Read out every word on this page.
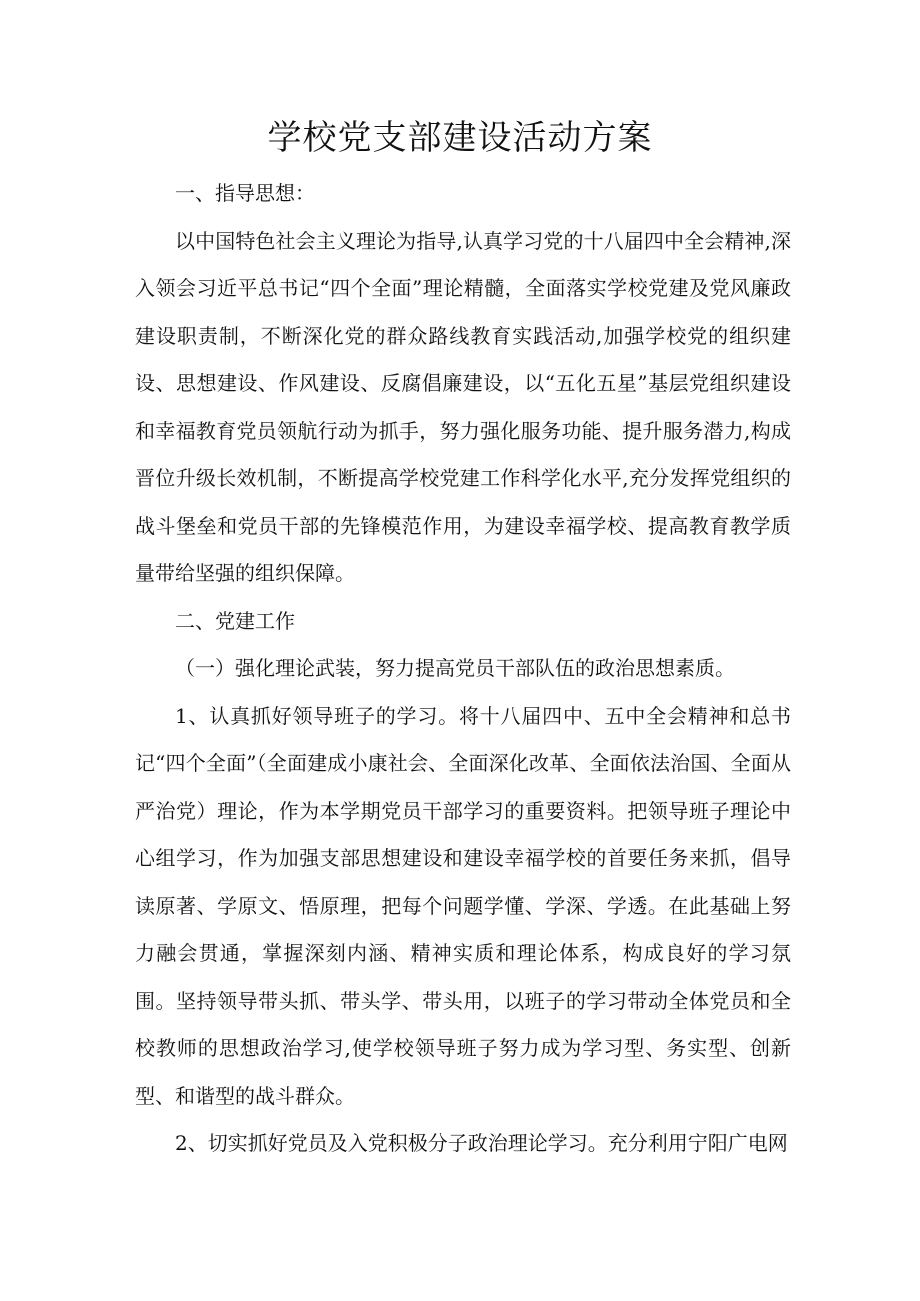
学校党支部建设活动方案

一、指导思想：

以中国特色社会主义理论为指导,认真学习党的十八届四中全会精神,深入领会习近平总书记“四个全面”理论精髓，全面落实学校党建及党风廉政建设职责制，不断深化党的群众路线教育实践活动,加强学校党的组织建设、思想建设、作风建设、反腐倡廉建设，以“五化五星”基层党组织建设和幸福教育党员领航行动为抓手，努力强化服务功能、提升服务潜力,构成晋位升级长效机制，不断提高学校党建工作科学化水平,充分发挥党组织的战斗堡垒和党员干部的先锋模范作用，为建设幸福学校、提高教育教学质量带给坚强的组织保障。

二、党建工作

（一）强化理论武装，努力提高党员干部队伍的政治思想素质。

1、认真抓好领导班子的学习。将十八届四中、五中全会精神和总书记“四个全面”（全面建成小康社会、全面深化改革、全面依法治国、全面从严治党）理论，作为本学期党员干部学习的重要资料。把领导班子理论中心组学习，作为加强支部思想建设和建设幸福学校的首要任务来抓，倡导读原著、学原文、悟原理，把每个问题学懂、学深、学透。在此基础上努力融会贯通，掌握深刻内涵、精神实质和理论体系，构成良好的学习氛围。坚持领导带头抓、带头学、带头用，以班子的学习带动全体党员和全校教师的思想政治学习,使学校领导班子努力成为学习型、务实型、创新型、和谐型的战斗群众。

2、切实抓好党员及入党积极分子政治理论学习。充分利用宁阳广电网
